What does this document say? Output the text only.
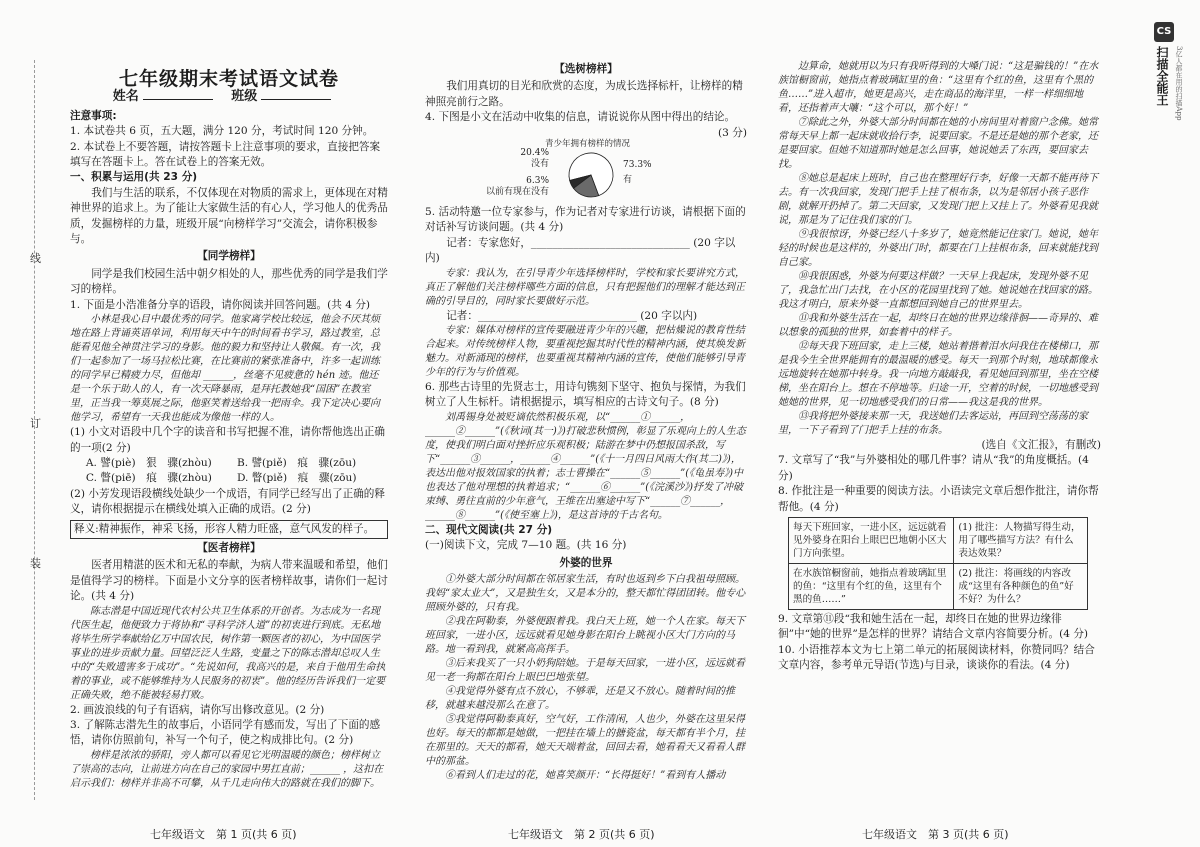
线
订
装
CS
扫描全能王 3亿人都在用的扫描App
七年级期末考试语文试卷
姓名	班级

注意事项:

1. 本试卷共 6 页，五大题，满分 120 分，考试时间 120 分钟。

2. 本试卷上不要答题，请按答题卡上注意事项的要求，直接把答案填写在答题卡上。答在试卷上的答案无效。

一、积累与运用(共 23 分)

我们与生活的联系，不仅体现在对物质的需求上，更体现在对精神世界的追求上。为了能让大家做生活的有心人，学习他人的优秀品质，发掘榜样的力量，班级开展“向榜样学习”交流会，请你积极参与。

【同学榜样】

同学是我们校园生活中朝夕相处的人，那些优秀的同学是我们学习的榜样。

1. 下面是小浩准备分享的语段，请你阅读并回答问题。(共 4 分)

小林是我心目中最优秀的同学。他家离学校比较远，他会不厌其烦地在路上背诵英语单词，利用每天中午的时间看书学习，路过教室，总能看见他全神贯注学习的身影。他的毅力和坚持让人敬佩。有一次，我们一起参加了一场马拉松比赛，在比赛前的紧张准备中，许多一起训练的同学早已精疲力尽，但他却 ______，丝毫不见疲惫的 hén 迹。他还是一个乐于助人的人，有一次天降暴雨，是拜托教她我“国困”在教室里，正当我一筹莫展之际，他驱笑着送给我一把雨伞。我下定决心要向他学习，希望有一天我也能成为像他一样的人。

(1) 小文对语段中几个字的读音和书写把握不准，请你帮他选出正确的一项(2 分)

A. 譬(piè)　狠　骤(zhòu)	B. 譬(piě)　痕　骤(zōu)
C. 瞥(piē)　痕　骤(zhòu)	D. 瞥(piě)　痕　骤(zōu)

(2) 小芳发现语段横线处缺少一个成语，有同学已经写出了正确的释义，请你根据提示在横线处填入正确的成语。(2 分)

释义:精神振作，神采飞扬，形容人精力旺盛，意气风发的样子。

【医者榜样】

医者用精湛的医术和无私的奉献，为病人带来温暖和希望，他们是值得学习的榜样。下面是小文分享的医者榜样故事，请你们一起讨论。(共 4 分)

陈志潜是中国近现代农村公共卫生体系的开创者。为志成为一名现代医生起，他便致力于将协和“寻科学济人道”的初衷进行到底。无私地将毕生所学奉献给亿万中国农民，树作第一颗医者的初心，为中国医学事业的进步贡献力量。回望泛泛人生路，变量之下的陈志潜却总叹人生中的“失败遗害多于成功”。“先说如何，我高兴的是，来自于他用生命执着的事业，或不能够维持为人民服务的初衷”。他的经历告诉我们一定要正确失败，绝不能被轻易打败。

2. 画波浪线的句子有语病，请你写出修改意见。(2 分)

3. 了解陈志潜先生的故事后，小语同学有感而发，写出了下面的感悟，请你仿照前句，补写一个句子，使之构成排比句。(2 分)

榜样是浓浓的骄阳，旁人都可以看见它光明温暖的颜色；榜样树立了崇高的志向，让前进方向在自己的家园中男扛直前；______ ，这扣在启示我们：榜样并非高不可攀，从千几走向伟大的路就在我们的脚下。

【选树榜样】

我们用真切的目光和欣赏的态度，为成长选择标杆，让榜样的精神照亮前行之路。

4. 下图是小文在活动中收集的信息，请说说你从图中得出的结论。

(3 分)

20.4%
没有
6.3%
以前有现在没有
青少年拥有榜样的情况
73.3%
有

5. 活动特邀一位专家参与，作为记者对专家进行访谈，请根据下面的对话补写访谈问题。(共 4 分)

记者：专家您好，______________________________ (20 字以内)

专家：我认为，在引导青少年选择榜样时，学校和家长要讲究方式，真正了解他们关注榜样哪些方面的信息，只有把握他们的理解才能达到正确的引导目的，同时家长要做好示范。

记者：______________________________ (20 字以内)

专家：媒体对榜样的宣传要融进青少年的兴趣，把枯燥说的教育性结合起来。对传统榜样人物，要重视挖掘其时代性的精神内涵，使其焕发新魅力。对新涌现的榜样，也要重视其精神内涵的宣传，使他们能够引导青少年的行为与价值观。

6. 那些古诗里的先贤志士，用诗句镌刻下坚守、抱负与探情，为我们树立了人生标杆。请根据提示，填写相应的古诗文句子。(8 分)

刘禹锡身处被贬谪依然积极乐观，以“______①______，______②______”(《秋词(其一)》)打破悲秋惯例，彰显了乐观向上的人生态度，使我们明白面对挫折应乐观积极；陆游在梦中仍想报国杀敌，写下“______③______，______④______”(《十一月四日风雨大作(其二)》)，表达出他对报效国家的执着；志士曹操在“______⑤______”(《龟虽寿》)中也表达了他对理想的执着追求；“______⑥______”(《浣溪沙》)抒发了冲破束缚、勇往直前的少年意气，王维在出塞途中写下“______⑦______，______⑧______”(《使至塞上》)，是这首诗的千古名句。

二、现代文阅读(共 27 分)

(一)阅读下文，完成 7—10 题。(共 16 分)

外婆的世界

①外婆大部分时间都在邻居家生活，有时也返到乡下白我祖母照顾。我妈“家太业大”，又是独生女，又是本分的，整天都忙得团团转。他专心照顾外婆的，只有我。

②我在阿勒泰，外婆便跟着我。我白天上班，她一个人在家。每天下班回家，一进小区，远远就看见她身影在阳台上眺视小区大门方向的马路。地一看到我，就紧高高挥手。

③后来我买了一只小奶狗陪她。于是每天回家，一进小区，远远就看见一老一狗都在阳台上眼巴巴地张望。

④我觉得外婆有点不放心，不够乖，还是又不放心。随着时间的推移，就越来越没那么在意了。

⑤我觉得阿勒泰真好，空气好，工作清闲，人也少，外婆在这里呆得也好。每天的都都是她做，一把挂在墙上的搪瓷盆，每天都有半个月，挂在那里的。天天的都看，她天天端着盆，回回去看，她看看天又看看人群中的那盆。

⑥看到人们走过的花，她喜笑颜开：“长得挺好！”看到有人播动

边算命，她就用以为只有我听得到的大嗓门说：“这是骗钱的！”在水族馆橱窗前，她指点着玻璃缸里的鱼：“这里有个红的鱼，这里有个黑的鱼……”进入超市，她更是高兴，走在商品的海洋里，一样一样细细地看，还指着声大嚷：“这个可以，那个好！”

⑦除此之外，外婆大部分时间都在她的小房间里对着窗户念佛。她常常每天早上都一起床就收拾行李，说要回家。不是还是她的那个老家，还是要回家。但她不知道那时她是怎么回事，她说她丢了东西，要回家去找。

⑧她总是起床上班时，自己也在整理好行李，好像一天都不能再待下去。有一次我回家，发现门把手上挂了根布条，以为是邻居小孩子恶作剧，就解开扔掉了。第二天回家，又发现门把上又挂上了。外婆看见我就说，那是为了记住我们家的门。

⑨我很惊讶，外婆已经八十多岁了，她竟然能记住家门。她说，她年轻的时候也是这样的，外婆出门时，都要在门上挂根布条，回来就能找到自己家。

⑩我很困惑，外婆为何要这样做？一天早上我起床，发现外婆不见了，我急忙出门去找，在小区的花园里找到了她。她说她在找回家的路。我这才明白，原来外婆一直都想回到她自己的世界里去。

⑪我和外婆生活在一起，却终日在她的世界边缘徘徊——奇异的、难以想象的孤独的世界，如套着中的样子。

⑫每天我下班回家，走上三楼，她站着揩着泪水问我住在楼梯口，那是我今生全世界能拥有的最温暖的感受。每天一到那个时刻，地球都像永远地旋转在她那中转身。我一向地方敲敲我，看见她回到那里，坐在空楼梯，坐在阳台上。想在不停地等。归途一开，空着的时候，一切地感受到她她的世界，见一切地感受我们的日常——我这是我的世界。

⑬我将把外婆接来那一天，我送她们去客运站，再回到空荡荡的家里，一下子看到了门把手上挂的布条。

(选自《文汇报》，有删改)

7. 文章写了“我”与外婆相处的哪几件事？请从“我”的角度概括。(4 分)

8. 作批注是一种重要的阅读方法。小语读完文章后想作批注，请你帮帮他。(4 分)

每天下班回家，一进小区，远远就看见外婆身在阳台上眼巴巴地朝小区大门方向张望。	(1) 批注：人物描写得生动，用了哪些描写方法？有什么表达效果？
在水族馆橱窗前，她指点着玻璃缸里的鱼：“这里有个红的鱼，这里有个黑的鱼……”	(2) 批注：将画线的内容改成“这里有各种颜色的鱼”好不好？为什么？

9. 文章第⑪段“我和她生活在一起，却终日在她的世界边缘徘徊”中“她的世界”是怎样的世界？请结合文章内容简要分析。(4 分)

10. 小语推荐本文为七上第二单元的拓展阅读材料，你赞同吗？结合文章内容，参考单元导语(节选)与目录，谈谈你的看法。(4 分)

七年级语文　第 1 页(共 6 页)	七年级语文　第 2 页(共 6 页)	七年级语文　第 3 页(共 6 页)
